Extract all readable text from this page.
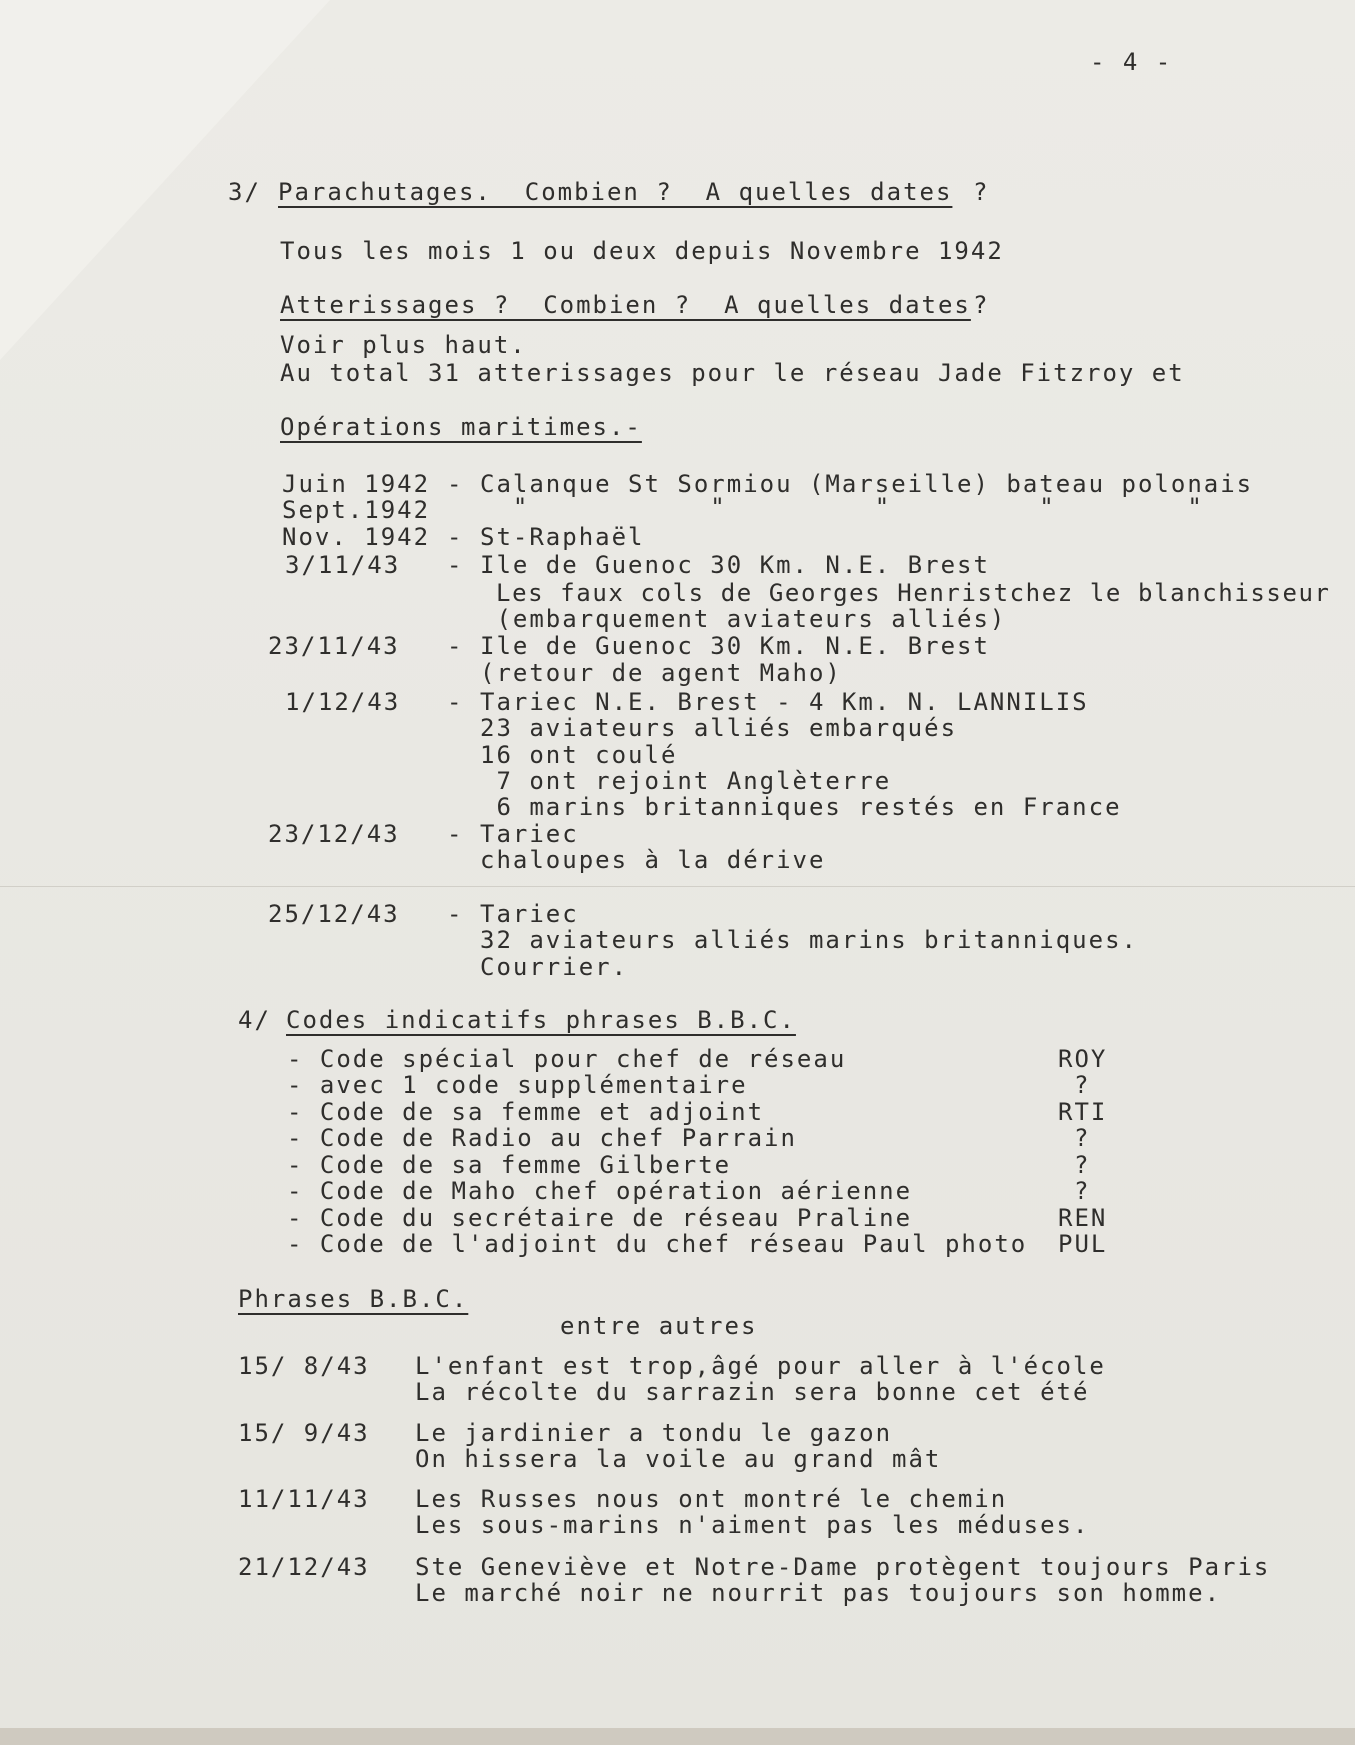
- 4 -
3/ Parachutages.  Combien ?  A quelles dates ?
Tous les mois 1 ou deux depuis Novembre 1942
Atterissages ?  Combien ?  A quelles dates ?
Voir plus haut.
Au total 31 atterissages pour le réseau Jade Fitzroy et
Opérations maritimes.-
Juin 1942 - Calanque St Sormiou (Marseille) bateau polonais
Sept.1942 "           "         "         "        "
Nov. 1942 - St-Raphaël
3/11/43 - Ile de Guenoc 30 Km. N.E. Brest
Les faux cols de Georges Henristchez le blanchisseur
(embarquement aviateurs alliés)
23/11/43 - Ile de Guenoc 30 Km. N.E. Brest
(retour de agent Maho)
1/12/43 - Tariec N.E. Brest - 4 Km. N. LANNILIS
23 aviateurs alliés embarqués
16 ont coulé
7 ont rejoint Anglèterre
6 marins britanniques restés en France
23/12/43 - Tariec
chaloupes à la dérive
25/12/43 - Tariec
32 aviateurs alliés marins britanniques.
Courrier.
4/ Codes indicatifs phrases B.B.C.
- Code spécial pour chef de réseau	ROY
- avec 1 code supplémentaire	?
- Code de sa femme et adjoint	RTI
- Code de Radio au chef Parrain	?
- Code de sa femme Gilberte	?
- Code de Maho chef opération aérienne	?
- Code du secrétaire de réseau Praline	REN
- Code de l'adjoint du chef réseau Paul photo PUL
Phrases B.B.C.
entre autres
15/ 8/43 L'enfant est trop,âgé pour aller à l'école
La récolte du sarrazin sera bonne cet été
15/ 9/43 Le jardinier a tondu le gazon
On hissera la voile au grand mât
11/11/43 Les Russes nous ont montré le chemin
Les sous-marins n'aiment pas les méduses.
21/12/43 Ste Geneviève et Notre-Dame protègent toujours Paris
Le marché noir ne nourrit pas toujours son homme.
